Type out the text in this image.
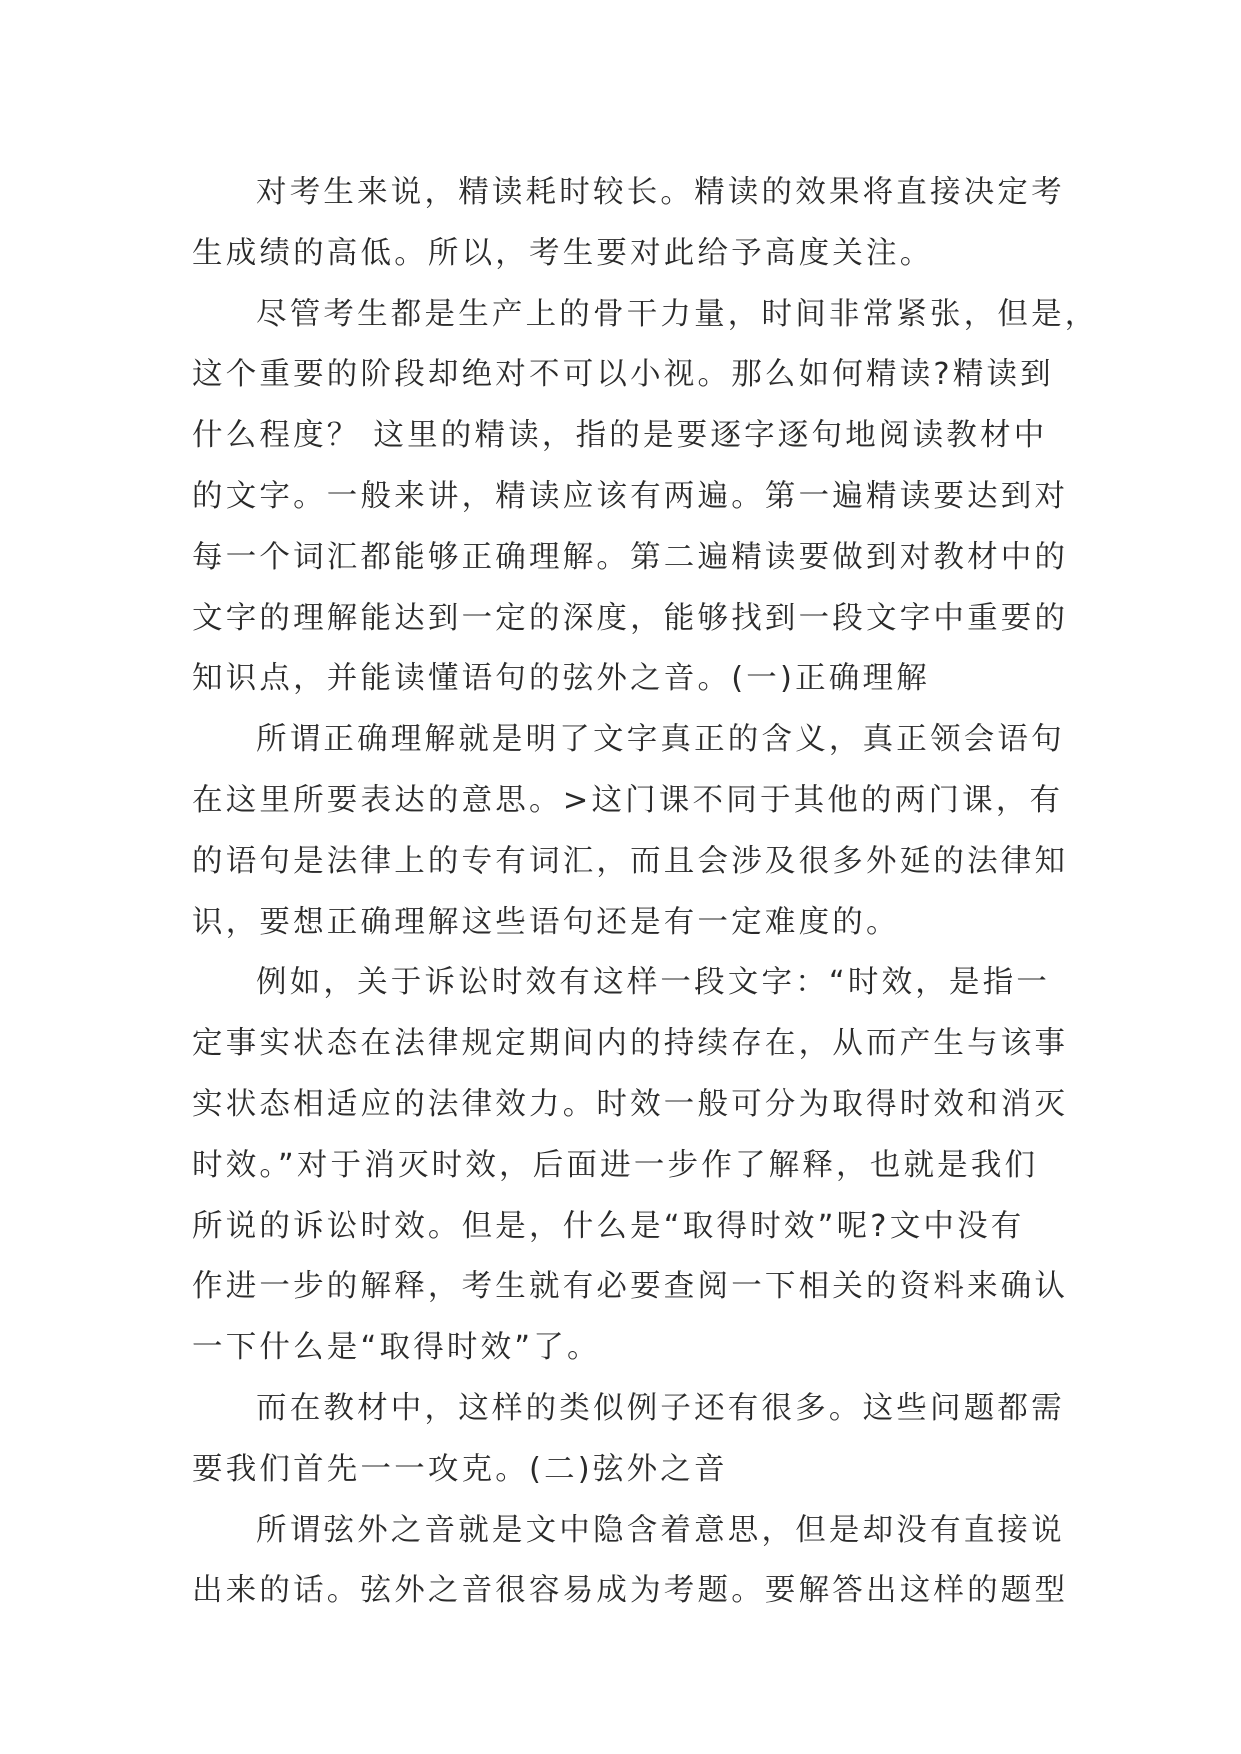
对考生来说，精读耗时较长。精读的效果将直接决定考
生成绩的高低。所以，考生要对此给予高度关注。
尽管考生都是生产上的骨干力量，时间非常紧张，但是，
这个重要的阶段却绝对不可以小视。那么如何精读?精读到
什么程度？ 这里的精读，指的是要逐字逐句地阅读教材中
的文字。一般来讲，精读应该有两遍。第一遍精读要达到对
每一个词汇都能够正确理解。第二遍精读要做到对教材中的
文字的理解能达到一定的深度，能够找到一段文字中重要的
知识点，并能读懂语句的弦外之音。(一)正确理解
所谓正确理解就是明了文字真正的含义，真正领会语句
在这里所要表达的意思。>这门课不同于其他的两门课，有
的语句是法律上的专有词汇，而且会涉及很多外延的法律知
识，要想正确理解这些语句还是有一定难度的。
例如，关于诉讼时效有这样一段文字：“时效，是指一
定事实状态在法律规定期间内的持续存在，从而产生与该事
实状态相适应的法律效力。时效一般可分为取得时效和消灭
时效。”对于消灭时效，后面进一步作了解释，也就是我们
所说的诉讼时效。但是，什么是“取得时效”呢?文中没有
作进一步的解释，考生就有必要查阅一下相关的资料来确认
一下什么是“取得时效”了。
而在教材中，这样的类似例子还有很多。这些问题都需
要我们首先一一攻克。(二)弦外之音
所谓弦外之音就是文中隐含着意思，但是却没有直接说
出来的话。弦外之音很容易成为考题。要解答出这样的题型
